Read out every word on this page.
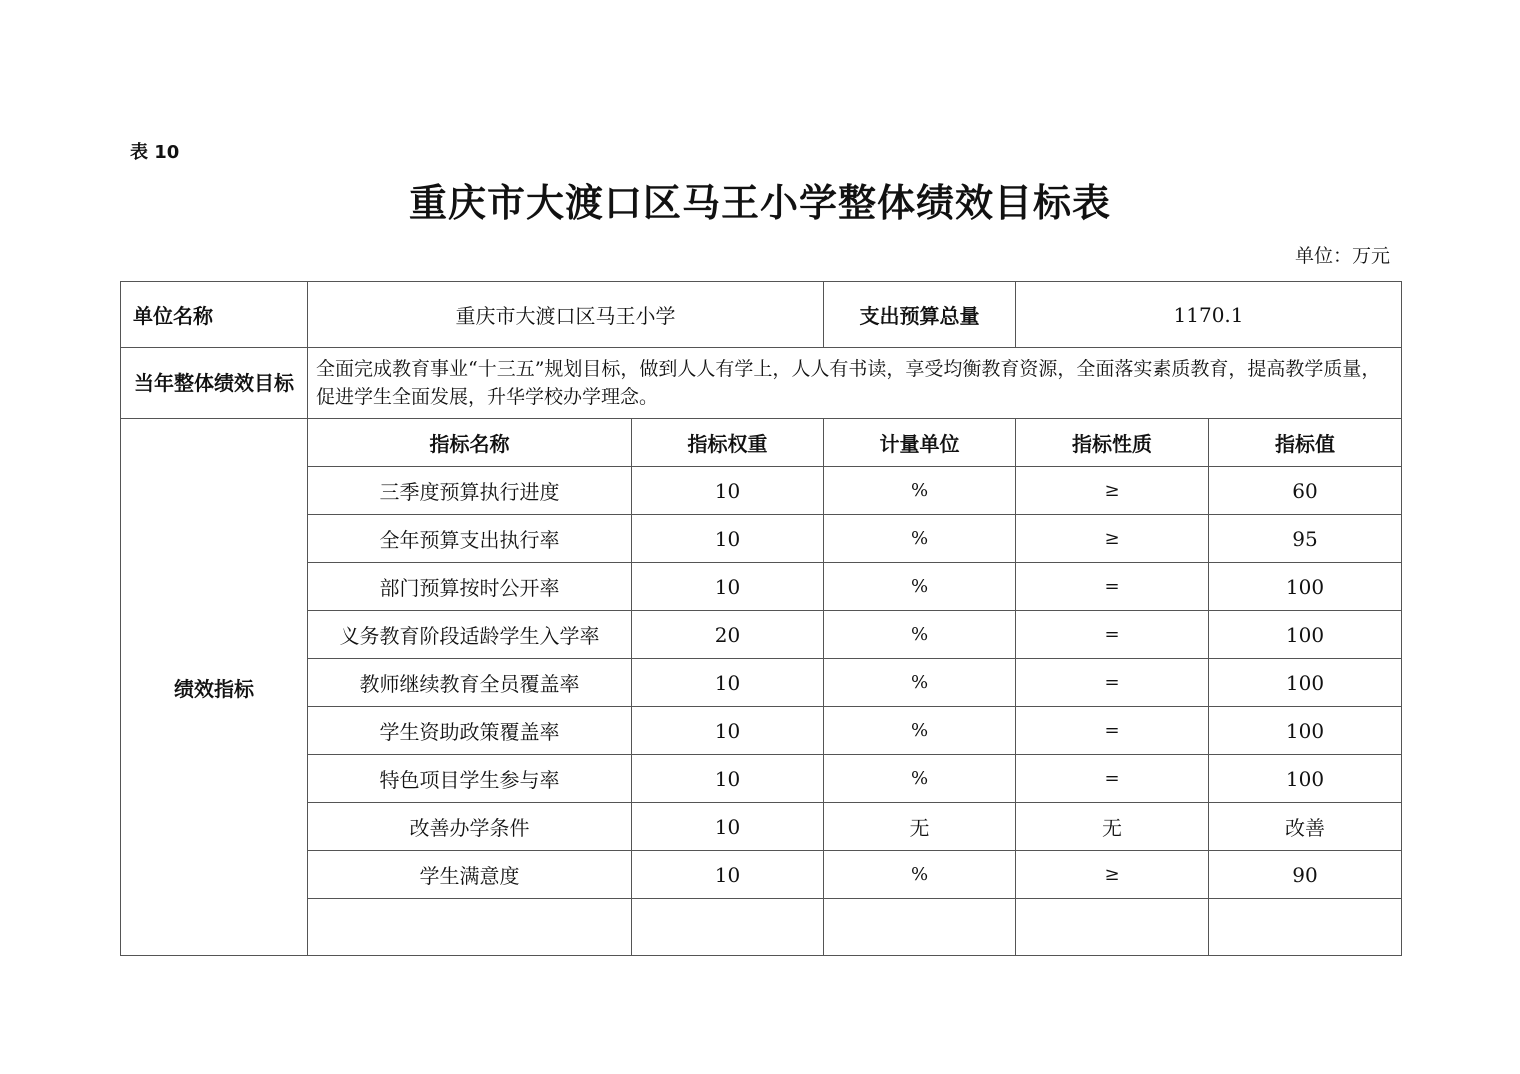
表 10
重庆市大渡口区马王小学整体绩效目标表
单位：万元
单位名称	重庆市大渡口区马王小学		支出预算总量	1170.1	
当年整体绩效目标	全面完成教育事业“十三五”规划目标，做到人人有学上，人人有书读，享受均衡教育资源，全面落实素质教育，提高教学质量，促进学生全面发展，升华学校办学理念。				
绩效指标	指标名称	指标权重	计量单位	指标性质	指标值
	三季度预算执行进度	10	%	≥	60
	全年预算支出执行率	10	%	≥	95
	部门预算按时公开率	10	%	=	100
	义务教育阶段适龄学生入学率	20	%	=	100
	教师继续教育全员覆盖率	10	%	=	100
	学生资助政策覆盖率	10	%	=	100
	特色项目学生参与率	10	%	=	100
	改善办学条件	10	无	无	改善
	学生满意度	10	%	≥	90
